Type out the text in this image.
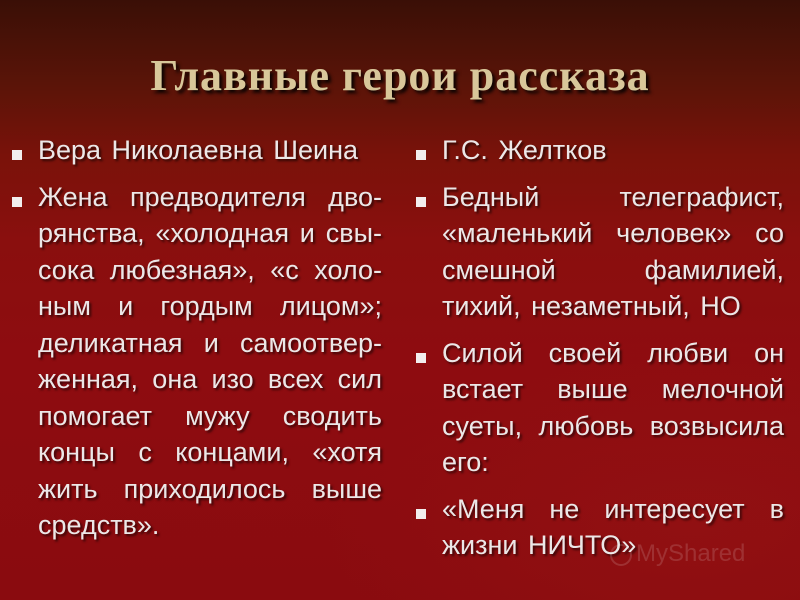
Главные герои рассказа
Вера Николаевна Шеина
Жена предводителя дво-рянства, «холодная и свы-сока любезная», «с холо-ным и гордым лицом»; деликатная и самоотвер-женная, она изо всех сил помогает мужу сводить концы с концами, «хотя жить приходилось выше средств».
Г.С. Желтков
Бедный телеграфист, «маленький человек» со смешной фамилией, тихий, незаметный, НО
Силой своей любви он встает выше мелочной суеты, любовь возвысила его:
«Меня не интересует в жизни НИЧТО» MyShared
